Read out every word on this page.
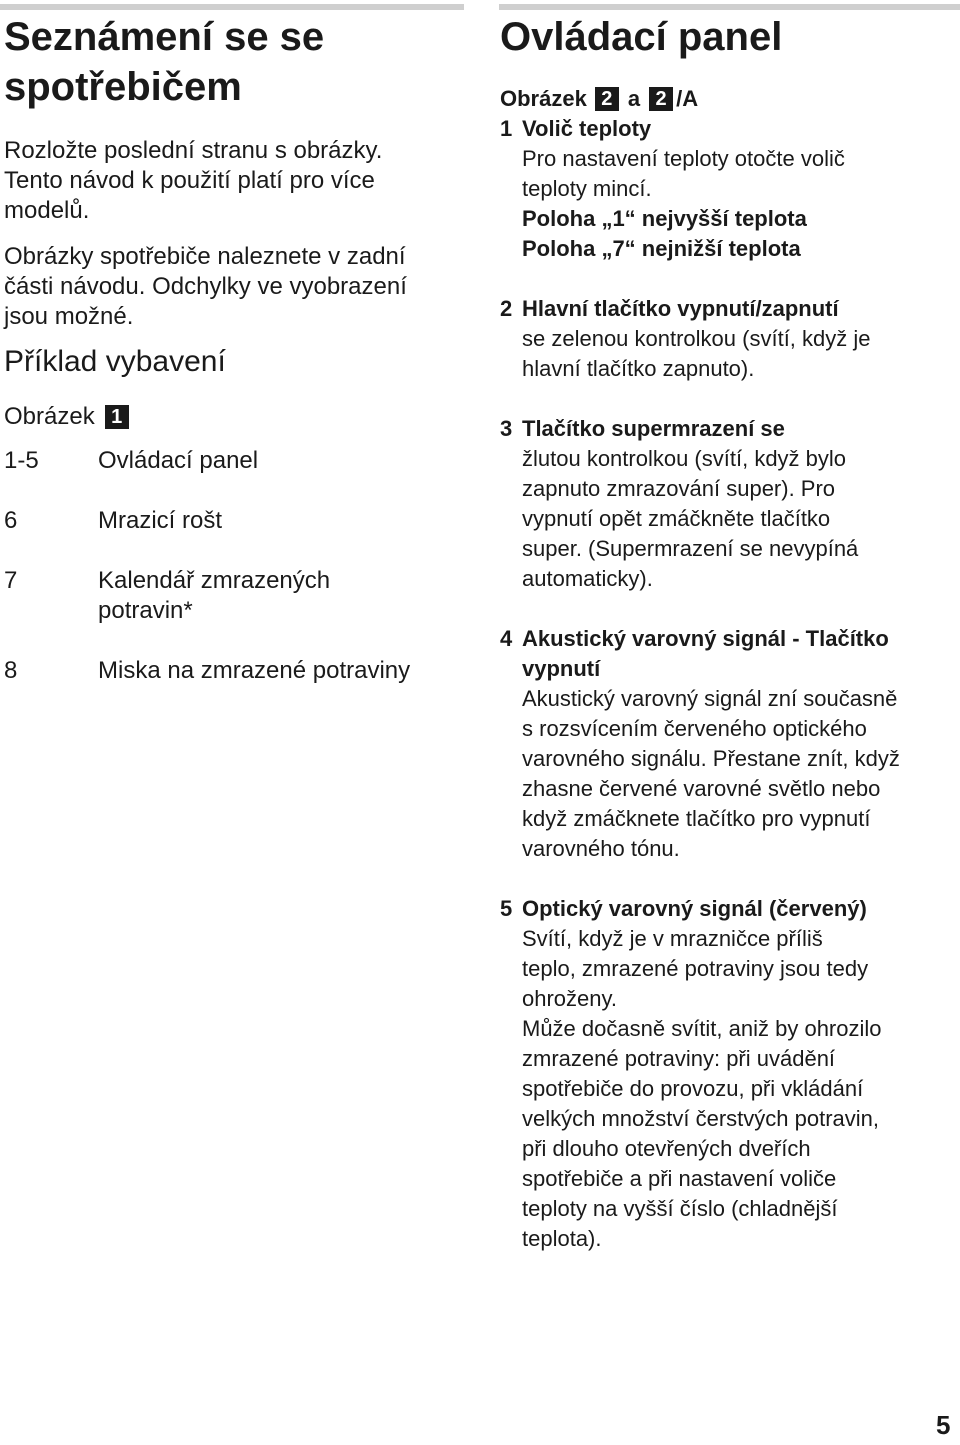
Seznámení se se
spotřebičem

Rozložte poslední stranu s obrázky.
Tento návod k použití platí pro více
modelů.

Obrázky spotřebiče naleznete v zadní
části návodu. Odchylky ve vyobrazení
jsou možné.

Příklad vybavení

Obrázek 1
1-5	Ovládací panel
6	Mrazicí rošt
7	Kalendář zmrazených
potravin*
8	Miska na zmrazené potraviny
Ovládací panel
Obrázek 2 a 2 /A
1 Volič teploty
Pro nastavení teploty otočte volič
teploty mincí.
Poloha „1“ nejvyšší teplota
Poloha „7“ nejnižší teplota
2 Hlavní tlačítko vypnutí/zapnutí
se zelenou kontrolkou (svítí, když je
hlavní tlačítko zapnuto).
3 Tlačítko supermrazení se
žlutou kontrolkou (svítí, když bylo
zapnuto zmrazování super). Pro
vypnutí opět zmáčkněte tlačítko
super. (Supermrazení se nevypíná
automaticky).
4 Akustický varovný signál - Tlačítko
vypnutí
Akustický varovný signál zní současně
s rozsvícením červeného optického
varovného signálu. Přestane znít, když
zhasne červené varovné světlo nebo
když zmáčknete tlačítko pro vypnutí
varovného tónu.
5 Optický varovný signál (červený)
Svítí, když je v mrazničce příliš
teplo, zmrazené potraviny jsou tedy
ohroženy.
Může dočasně svítit, aniž by ohrozilo
zmrazené potraviny: při uvádění
spotřebiče do provozu, při vkládání
velkých množství čerstvých potravin,
při dlouho otevřených dveřích
spotřebiče a při nastavení voliče
teploty na vyšší číslo (chladnější
teplota).
5
